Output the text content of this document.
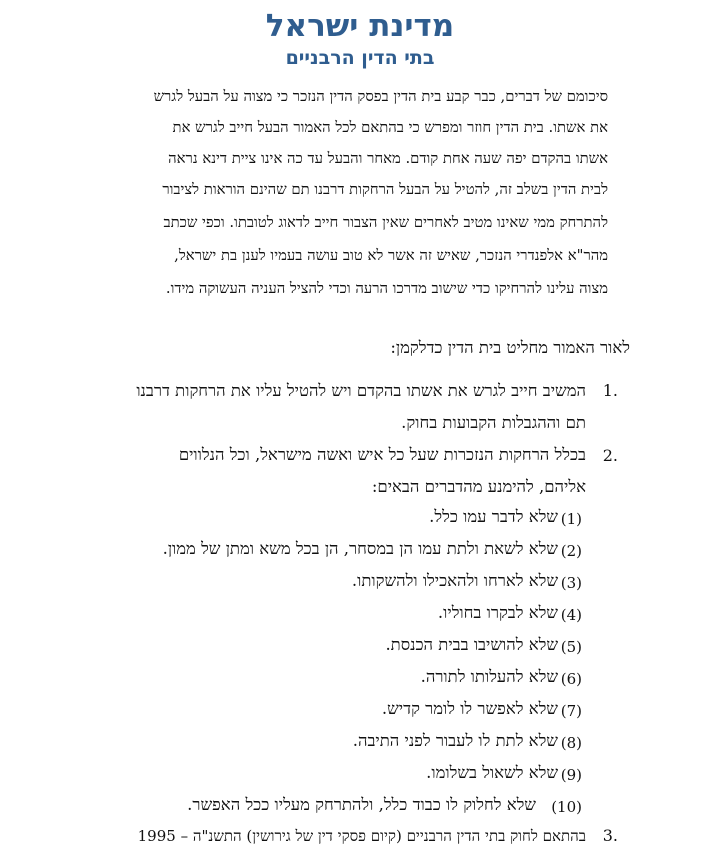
מדינת ישראל
בתי הדין הרבניים
סיכומם של דברים, כבר קבע בית הדין בפסק הדין הנזכר כי מצוה על הבעל לגרש
את אשתו. בית הדין חוזר ומפרש כי בהתאם לכל האמור הבעל חייב לגרש את
אשתו בהקדם יפה שעה אחת קודם. מאחר והבעל עד כה אינו ציית דינא נראה
לבית הדין בשלב זה, להטיל על הבעל הרחקות דרבנו תם שהינם הוראות לציבור
להתרחק ממי שאינו מטיב לאחרים שאין הצבור חייב לדאוג לטובתו. וכפי שכתב
מהר"א אלפנדרי הנזכר, שאיש זה אשר לא טוב עושה בעמיו לענן בת ישראל,
מצוה עלינו להרחיקו כדי שישוב מדרכו הרעה וכדי להציל העניה העשוקה מידו.
לאור האמור מחליט בית הדין כדלקמן:
1.
המשיב חייב לגרש את אשתו בהקדם ויש להטיל עליו את הרחקות דרבנו
תם וההגבלות הקבועות בחוק.
2.
בכלל הרחקות הנזכרות שעל כל איש ואשה מישראל, וכל הנלווים
אליהם, להימנע מהדברים הבאים:
(1)
שלא לדבר עמו כלל.
(2)
שלא לשאת ולתת עמו הן במסחר, הן בכל משא ומתן של ממון.
(3)
שלא לארחו ולהאכילו ולהשקותו.
(4)
שלא לבקרו בחוליו.
(5)
שלא להושיבו בבית הכנסת.
(6)
שלא להעלותו לתורה.
(7)
שלא לאפשר לו לומר קדיש.
(8)
שלא לתת לו לעבור לפני התיבה.
(9)
שלא לשאול בשלומו.
(10)
שלא לחלוק לו כבוד כלל, ולהתרחק מעליו ככל האפשר.
3.
בהתאם לחוק בתי הדין הרבניים (קיום פסקי דין של גירושין) התשנ"ה – 1995
